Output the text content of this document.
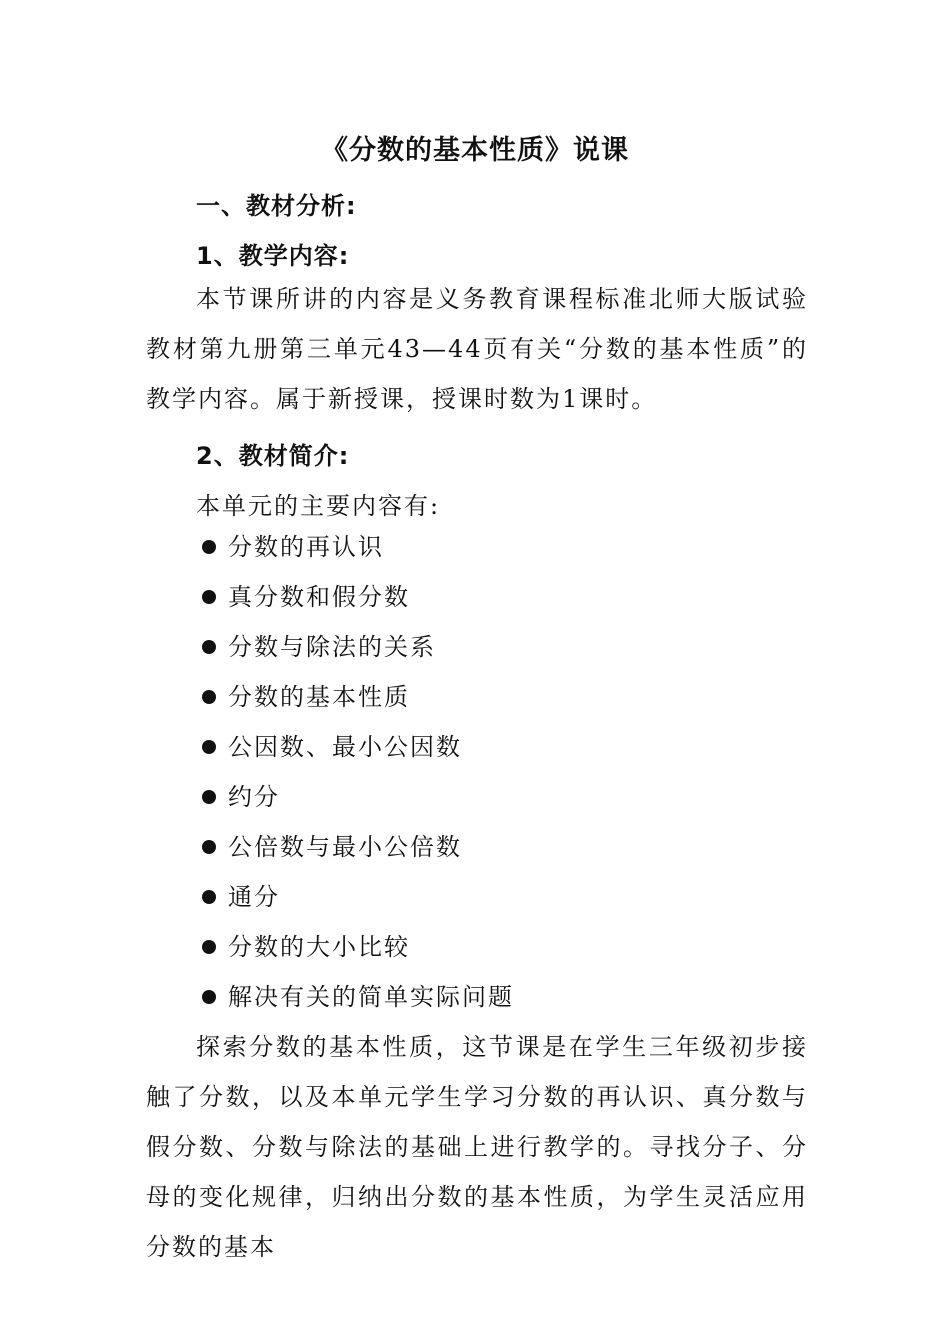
《分数的基本性质》说课
一、教材分析:
1、教学内容:
本节课所讲的内容是义务教育课程标准北师大版试验教材第九册第三单元43—44页有关“分数的基本性质”的教学内容。属于新授课，授课时数为1课时。
2、教材简介:
本单元的主要内容有:
分数的再认识
真分数和假分数
分数与除法的关系
分数的基本性质
公因数、最小公因数
约分
公倍数与最小公倍数
通分
分数的大小比较
解决有关的简单实际问题
探索分数的基本性质，这节课是在学生三年级初步接触了分数，以及本单元学生学习分数的再认识、真分数与假分数、分数与除法的基础上进行教学的。寻找分子、分母的变化规律，归纳出分数的基本性质，为学生灵活应用分数的基本
